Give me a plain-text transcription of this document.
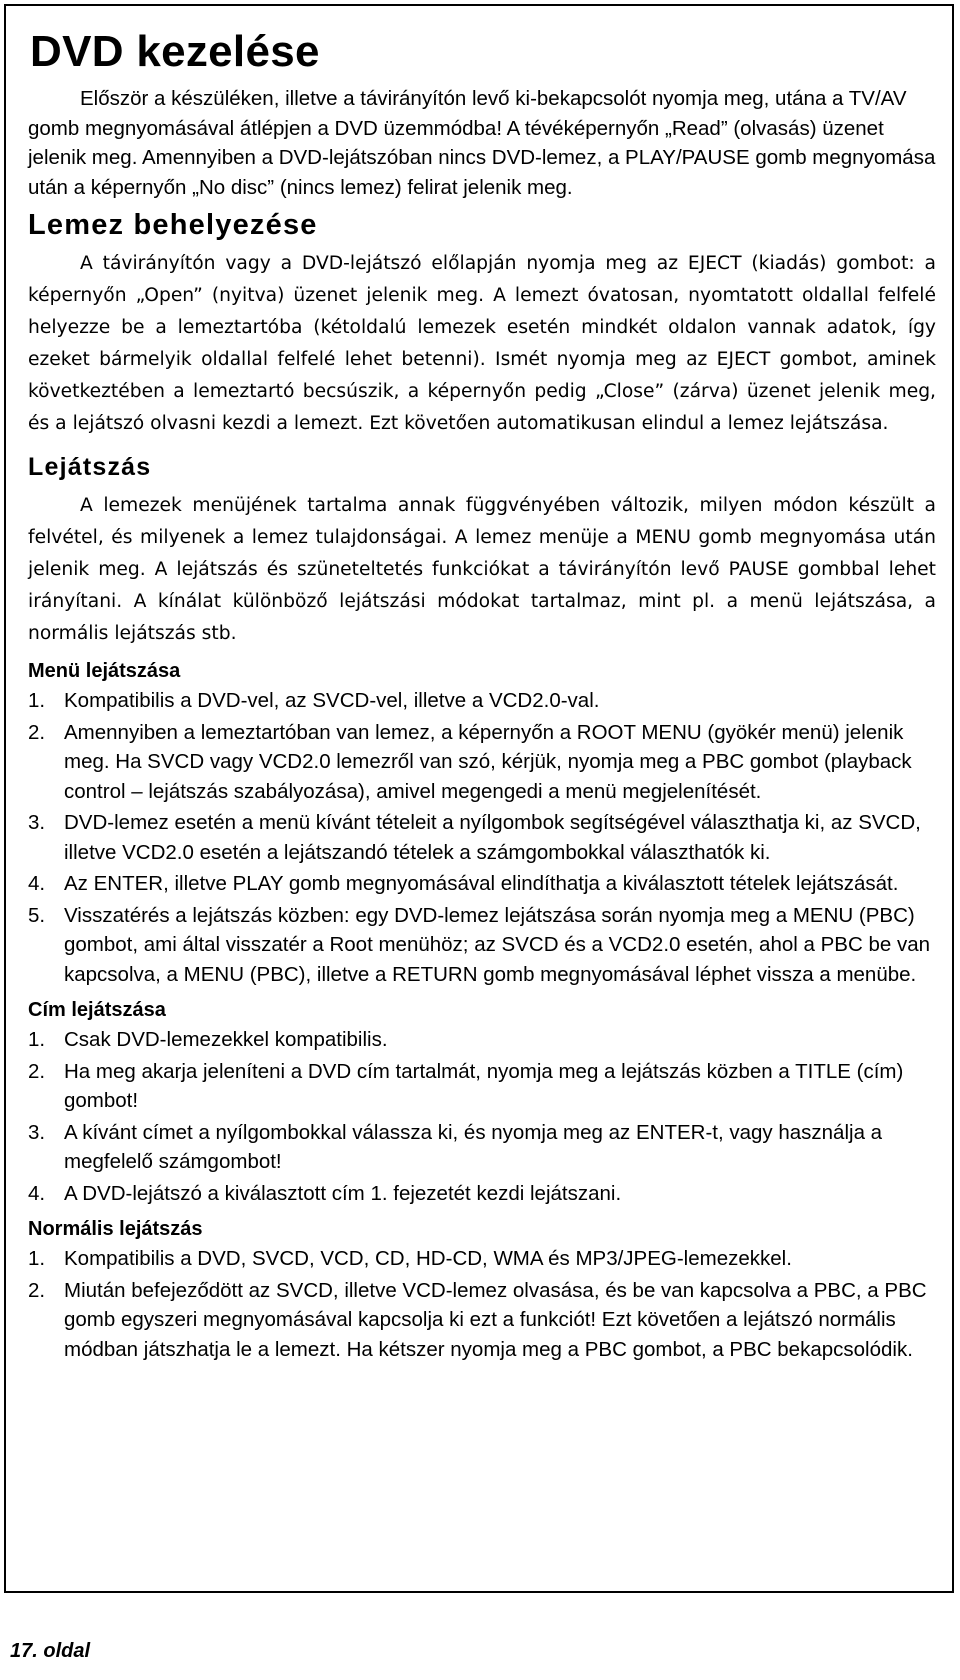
DVD kezelése

Először a készüléken, illetve a távirányítón levő ki-bekapcsolót nyomja meg, utána a TV/AV gomb megnyomásával átlépjen a DVD üzemmódba! A tévéképernyőn „Read” (olvasás) üzenet jelenik meg. Amennyiben a DVD-lejátszóban nincs DVD-lemez, a PLAY/PAUSE gomb megnyomása után a képernyőn „No disc” (nincs lemez) felirat jelenik meg.

Lemez behelyezése

A távirányítón vagy a DVD-lejátszó előlapján nyomja meg az EJECT (kiadás) gombot: a képernyőn „Open” (nyitva) üzenet jelenik meg. A lemezt óvatosan, nyomtatott oldallal felfelé helyezze be a lemeztartóba (kétoldalú lemezek esetén mindkét oldalon vannak adatok, így ezeket bármelyik oldallal felfelé lehet betenni). Ismét nyomja meg az EJECT gombot, aminek következtében a lemeztartó becsúszik, a képernyőn pedig „Close” (zárva) üzenet jelenik meg, és a lejátszó olvasni kezdi a lemezt. Ezt követően automatikusan elindul a lemez lejátszása.

Lejátszás

A lemezek menüjének tartalma annak függvényében változik, milyen módon készült a felvétel, és milyenek a lemez tulajdonságai. A lemez menüje a MENU gomb megnyomása után jelenik meg. A lejátszás és szüneteltetés funkciókat a távirányítón levő PAUSE gombbal lehet irányítani. A kínálat különböző lejátszási módokat tartalmaz, mint pl. a menü lejátszása, a normális lejátszás stb.

Menü lejátszása
1. Kompatibilis a DVD-vel, az SVCD-vel, illetve a VCD2.0-val.
2. Amennyiben a lemeztartóban van lemez, a képernyőn a ROOT MENU (gyökér menü) jelenik meg. Ha SVCD vagy VCD2.0 lemezről van szó, kérjük, nyomja meg a PBC gombot (playback control – lejátszás szabályozása), amivel megengedi a menü megjelenítését.
3. DVD-lemez esetén a menü kívánt tételeit a nyílgombok segítségével választhatja ki, az SVCD, illetve VCD2.0 esetén a lejátszandó tételek a számgombokkal választhatók ki.
4. Az ENTER, illetve PLAY gomb megnyomásával elindíthatja a kiválasztott tételek lejátszását.
5. Visszatérés a lejátszás közben: egy DVD-lemez lejátszása során nyomja meg a MENU (PBC) gombot, ami által visszatér a Root menühöz; az SVCD és a VCD2.0 esetén, ahol a PBC be van kapcsolva, a MENU (PBC), illetve a RETURN gomb megnyomásával léphet vissza a menübe.
Cím lejátszása
1. Csak DVD-lemezekkel kompatibilis.
2. Ha meg akarja jeleníteni a DVD cím tartalmát, nyomja meg a lejátszás közben a TITLE (cím) gombot!
3. A kívánt címet a nyílgombokkal válassza ki, és nyomja meg az ENTER-t, vagy használja a megfelelő számgombot!
4. A DVD-lejátszó a kiválasztott cím 1. fejezetét kezdi lejátszani.
Normális lejátszás
1. Kompatibilis a DVD, SVCD, VCD, CD, HD-CD, WMA és MP3/JPEG-lemezekkel.
2. Miután befejeződött az SVCD, illetve VCD-lemez olvasása, és be van kapcsolva a PBC, a PBC gomb egyszeri megnyomásával kapcsolja ki ezt a funkciót! Ezt követően a lejátszó normális módban játszhatja le a lemezt. Ha kétszer nyomja meg a PBC gombot, a PBC bekapcsolódik.
17. oldal
